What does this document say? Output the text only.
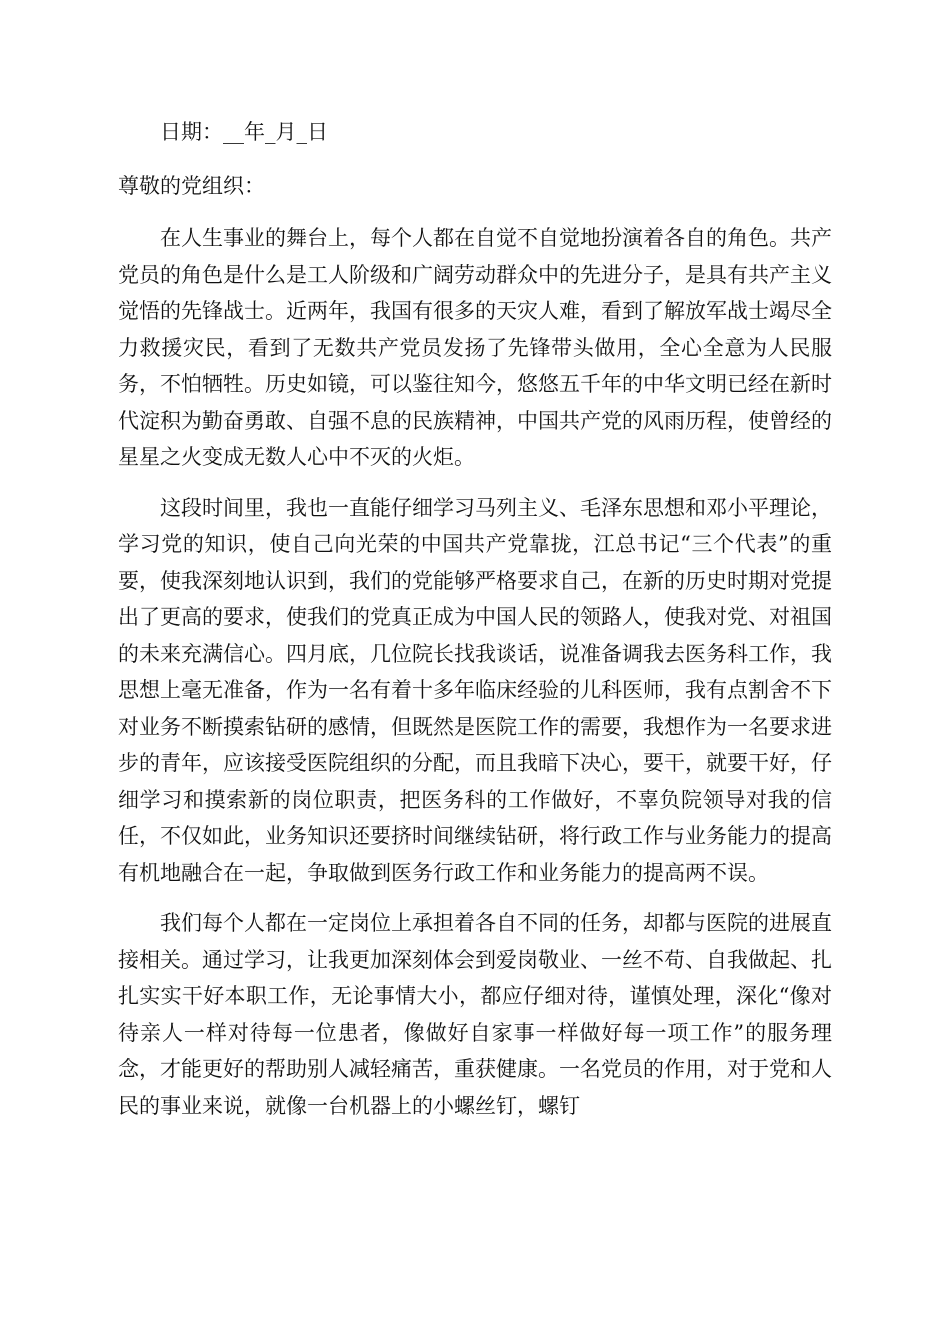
日期：__年_月_日
尊敬的党组织：

在人生事业的舞台上，每个人都在自觉不自觉地扮演着各自的角色。共产党员的角色是什么是工人阶级和广阔劳动群众中的先进分子，是具有共产主义觉悟的先锋战士。近两年，我国有很多的天灾人难，看到了解放军战士竭尽全力救援灾民，看到了无数共产党员发扬了先锋带头做用，全心全意为人民服务，不怕牺牲。历史如镜，可以鉴往知今，悠悠五千年的中华文明已经在新时代淀积为勤奋勇敢、自强不息的民族精神，中国共产党的风雨历程，使曾经的星星之火变成无数人心中不灭的火炬。

这段时间里，我也一直能仔细学习马列主义、毛泽东思想和邓小平理论，学习党的知识，使自己向光荣的中国共产党靠拢，江总书记“三个代表”的重要，使我深刻地认识到，我们的党能够严格要求自己，在新的历史时期对党提出了更高的要求，使我们的党真正成为中国人民的领路人，使我对党、对祖国的未来充满信心。四月底，几位院长找我谈话，说准备调我去医务科工作，我思想上毫无准备，作为一名有着十多年临床经验的儿科医师，我有点割舍不下对业务不断摸索钻研的感情，但既然是医院工作的需要，我想作为一名要求进步的青年，应该接受医院组织的分配，而且我暗下决心，要干，就要干好，仔细学习和摸索新的岗位职责，把医务科的工作做好，不辜负院领导对我的信任，不仅如此，业务知识还要挤时间继续钻研，将行政工作与业务能力的提高有机地融合在一起，争取做到医务行政工作和业务能力的提高两不误。

我们每个人都在一定岗位上承担着各自不同的任务，却都与医院的进展直接相关。通过学习，让我更加深刻体会到爱岗敬业、一丝不苟、自我做起、扎扎实实干好本职工作，无论事情大小，都应仔细对待，谨慎处理，深化“像对待亲人一样对待每一位患者，像做好自家事一样做好每一项工作”的服务理念，才能更好的帮助别人减轻痛苦，重获健康。一名党员的作用，对于党和人民的事业来说，就像一台机器上的小螺丝钉，螺钉
